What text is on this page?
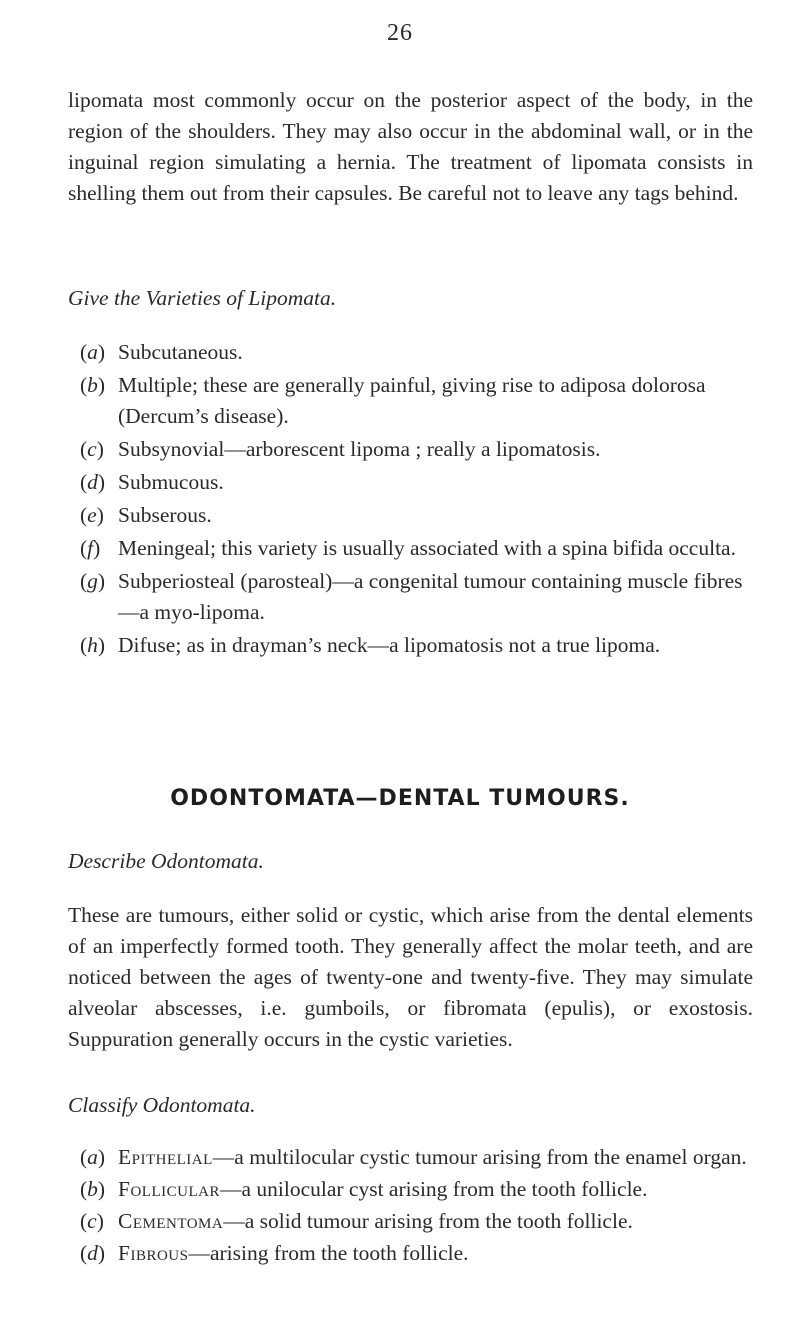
26
lipomata most commonly occur on the posterior aspect of the body, in the region of the shoulders. They may also occur in the abdominal wall, or in the inguinal region simulating a hernia. The treatment of lipomata consists in shelling them out from their capsules. Be careful not to leave any tags behind.
Give the Varieties of Lipomata.
(a) Subcutaneous.
(b) Multiple; these are generally painful, giving rise to adiposa dolorosa (Dercum’s disease).
(c) Subsynovial—arborescent lipoma ; really a lipomatosis.
(d) Submucous.
(e) Subserous.
(f) Meningeal; this variety is usually associated with a spina bifida occulta.
(g) Subperiosteal (parosteal)—a congenital tumour containing muscle fibres—a myo-lipoma.
(h) Difuse; as in drayman’s neck—a lipomatosis not a true lipoma.
ODONTOMATA—DENTAL TUMOURS.
Describe Odontomata.
These are tumours, either solid or cystic, which arise from the dental elements of an imperfectly formed tooth. They generally affect the molar teeth, and are noticed between the ages of twenty-one and twenty-five. They may simulate alveolar abscesses, i.e. gumboils, or fibromata (epulis), or exostosis. Suppuration generally occurs in the cystic varieties.
Classify Odontomata.
(a) Epithelial—a multilocular cystic tumour arising from the enamel organ.
(b) Follicular—a unilocular cyst arising from the tooth follicle.
(c) Cementoma—a solid tumour arising from the tooth follicle.
(d) Fibrous—arising from the tooth follicle.
